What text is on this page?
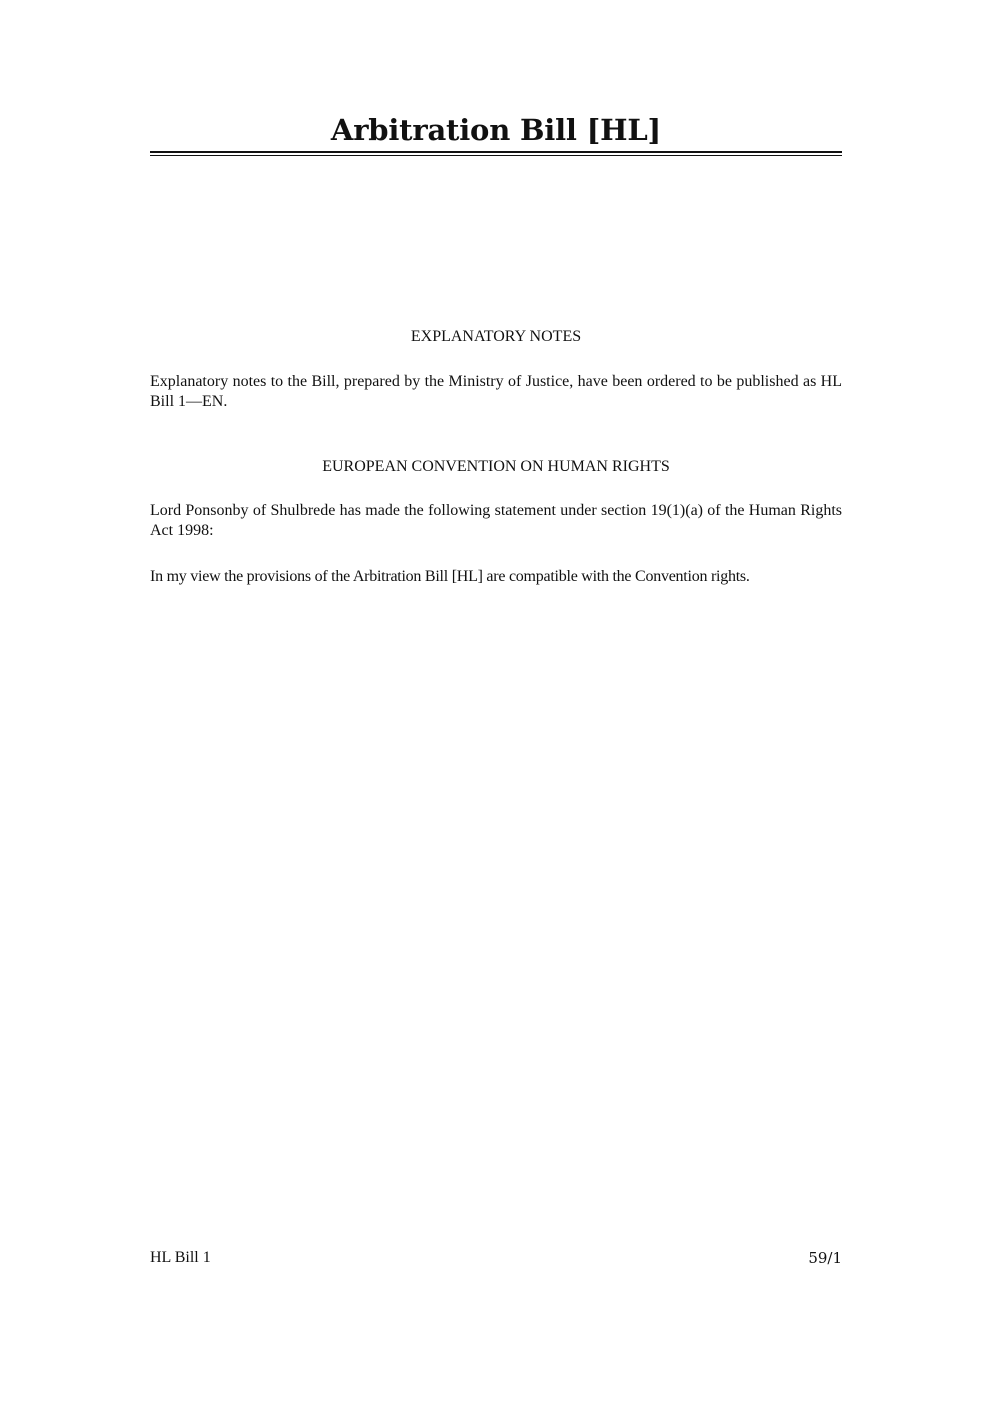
Arbitration Bill [HL]
EXPLANATORY NOTES

Explanatory notes to the Bill, prepared by the Ministry of Justice, have been ordered to be published as HL Bill 1—EN.

EUROPEAN CONVENTION ON HUMAN RIGHTS

Lord Ponsonby of Shulbrede has made the following statement under section 19(1)(a) of the Human Rights Act 1998:

In my view the provisions of the Arbitration Bill [HL] are compatible with the Convention rights.

HL Bill 1	59/1
